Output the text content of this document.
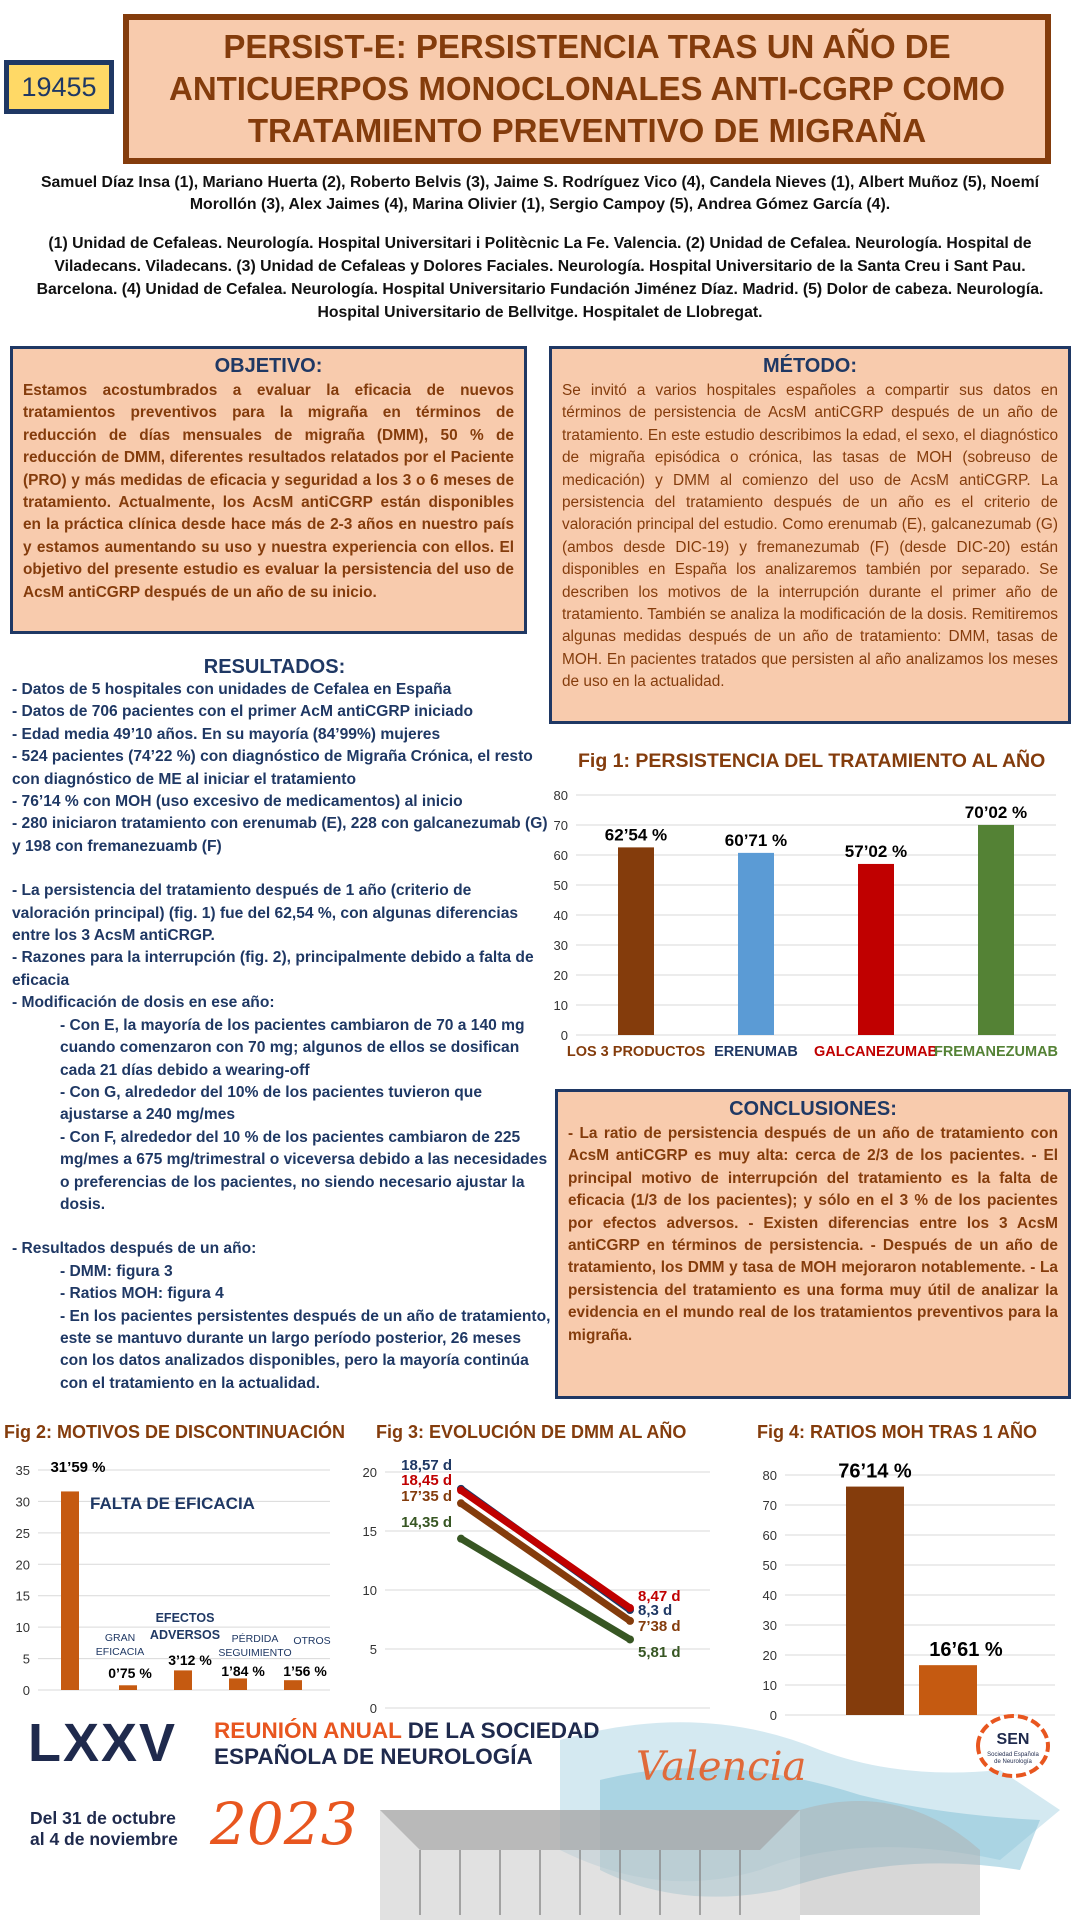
19455
PERSIST-E: PERSISTENCIA TRAS UN AÑO DE ANTICUERPOS MONOCLONALES ANTI-CGRP COMO TRATAMIENTO PREVENTIVO DE MIGRAÑA
Samuel Díaz Insa (1), Mariano Huerta (2), Roberto Belvis (3), Jaime S. Rodríguez Vico (4), Candela Nieves (1), Albert Muñoz (5), Noemí Morollón (3), Alex Jaimes (4), Marina Olivier (1), Sergio Campoy (5), Andrea Gómez García (4).
(1) Unidad de Cefaleas. Neurología. Hospital Universitari i Politècnic La Fe. Valencia. (2) Unidad de Cefalea. Neurología. Hospital de Viladecans. Viladecans. (3) Unidad de Cefaleas y Dolores Faciales. Neurología. Hospital Universitario de la Santa Creu i Sant Pau. Barcelona. (4) Unidad de Cefalea. Neurología. Hospital Universitario Fundación Jiménez Díaz. Madrid. (5) Dolor de cabeza. Neurología. Hospital Universitario de Bellvitge. Hospitalet de Llobregat.
OBJETIVO:
Estamos acostumbrados a evaluar la eficacia de nuevos tratamientos preventivos para la migraña en términos de reducción de días mensuales de migraña (DMM), 50 % de reducción de DMM, diferentes resultados relatados por el Paciente (PRO) y más medidas de eficacia y seguridad a los 3 o 6 meses de tratamiento. Actualmente, los AcsM antiCGRP están disponibles en la práctica clínica desde hace más de 2-3 años en nuestro país y estamos aumentando su uso y nuestra experiencia con ellos. El objetivo del presente estudio es evaluar la persistencia del uso de AcsM antiCGRP después de un año de su inicio.
MÉTODO:
Se invitó a varios hospitales españoles a compartir sus datos en términos de persistencia de AcsM antiCGRP después de un año de tratamiento. En este estudio describimos la edad, el sexo, el diagnóstico de migraña episódica o crónica, las tasas de MOH (sobreuso de medicación) y DMM al comienzo del uso de AcsM antiCGRP. La persistencia del tratamiento después de un año es el criterio de valoración principal del estudio. Como erenumab (E), galcanezumab (G) (ambos desde DIC-19) y fremanezumab (F) (desde DIC-20) están disponibles en España los analizaremos también por separado. Se describen los motivos de la interrupción durante el primer año de tratamiento. También se analiza la modificación de la dosis. Remitiremos algunas medidas después de un año de tratamiento: DMM, tasas de MOH. En pacientes tratados que persisten al año analizamos los meses de uso en la actualidad.
RESULTADOS:
- Datos de 5 hospitales con unidades de Cefalea en España
- Datos de 706 pacientes con el primer AcM antiCGRP iniciado
- Edad media 49’10 años. En su mayoría (84’99%) mujeres
- 524 pacientes (74’22 %) con diagnóstico de Migraña Crónica, el resto con diagnóstico de ME al iniciar el tratamiento
- 76’14 % con MOH (uso excesivo de medicamentos) al inicio
- 280 iniciaron tratamiento con erenumab (E), 228 con galcanezumab (G) y 198 con fremanezuamb (F)
- La persistencia del tratamiento después de 1 año (criterio de valoración principal) (fig. 1) fue del 62,54 %, con algunas diferencias entre los 3 AcsM antiCRGP.
- Razones para la interrupción (fig. 2), principalmente debido a falta de eficacia
- Modificación de dosis en ese año:
- Con E, la mayoría de los pacientes cambiaron de 70 a 140 mg cuando comenzaron con 70 mg; algunos de ellos se dosifican cada 21 días debido a wearing-off
- Con G, alrededor del 10% de los pacientes tuvieron que ajustarse a 240 mg/mes
- Con F, alrededor del 10 % de los pacientes cambiaron de 225 mg/mes a 675 mg/trimestral o viceversa debido a las necesidades o preferencias de los pacientes, no siendo necesario ajustar la dosis.
- Resultados después de un año:
- DMM: figura 3
- Ratios MOH: figura 4
- En los pacientes persistentes después de un año de tratamiento, este se mantuvo durante un largo período posterior, 26 meses con los datos analizados disponibles, pero la mayoría continúa con el tratamiento en la actualidad.
Fig 1: PERSISTENCIA DEL TRATAMIENTO AL AÑO
0
10
20
30
40
50
60
70
80
62’54 %
LOS 3 PRODUCTOS
60’71 %
ERENUMAB
57’02 %
GALCANEZUMAB
70’02 %
FREMANEZUMAB
CONCLUSIONES:
- La ratio de persistencia después de un año de tratamiento con AcsM antiCGRP es muy alta: cerca de 2/3 de los pacientes. - El principal motivo de interrupción del tratamiento es la falta de eficacia (1/3 de los pacientes); y sólo en el 3 % de los pacientes por efectos adversos. - Existen diferencias entre los 3 AcsM antiCGRP en términos de persistencia. - Después de un año de tratamiento, los DMM y tasa de MOH mejoraron notablemente. - La persistencia del tratamiento es una forma muy útil de analizar la evidencia en el mundo real de los tratamientos preventivos para la migraña.
Fig 2: MOTIVOS DE DISCONTINUACIÓN
0
5
10
15
20
25
30
35 31’59 %
FALTA DE EFICACIA
GRAN
EFICACIA
EFECTOS
ADVERSOS PÉRDIDA
SEGUIMIENTO
OTROS
0’75 %
3’12 %
1’84 % 1’56 %
Fig 3: EVOLUCIÓN DE DMM AL AÑO
0
5
10
15
20 18,57 d
18,45 d
17’35 d
14,35 d
8,47 d
8,3 d
7’38 d
5,81 d
Fig 4: RATIOS MOH TRAS 1 AÑO
0
10
20
30
40
50
60
70
80	76’14 %
16’61 %
LXXV REUNIÓN ANUAL DE LA SOCIEDAD
ESPAÑOLA DE NEUROLOGÍA
Del 31 de octubre
al 4 de noviembre 2023
Valencia
SEN
Sociedad Española
de Neurología
